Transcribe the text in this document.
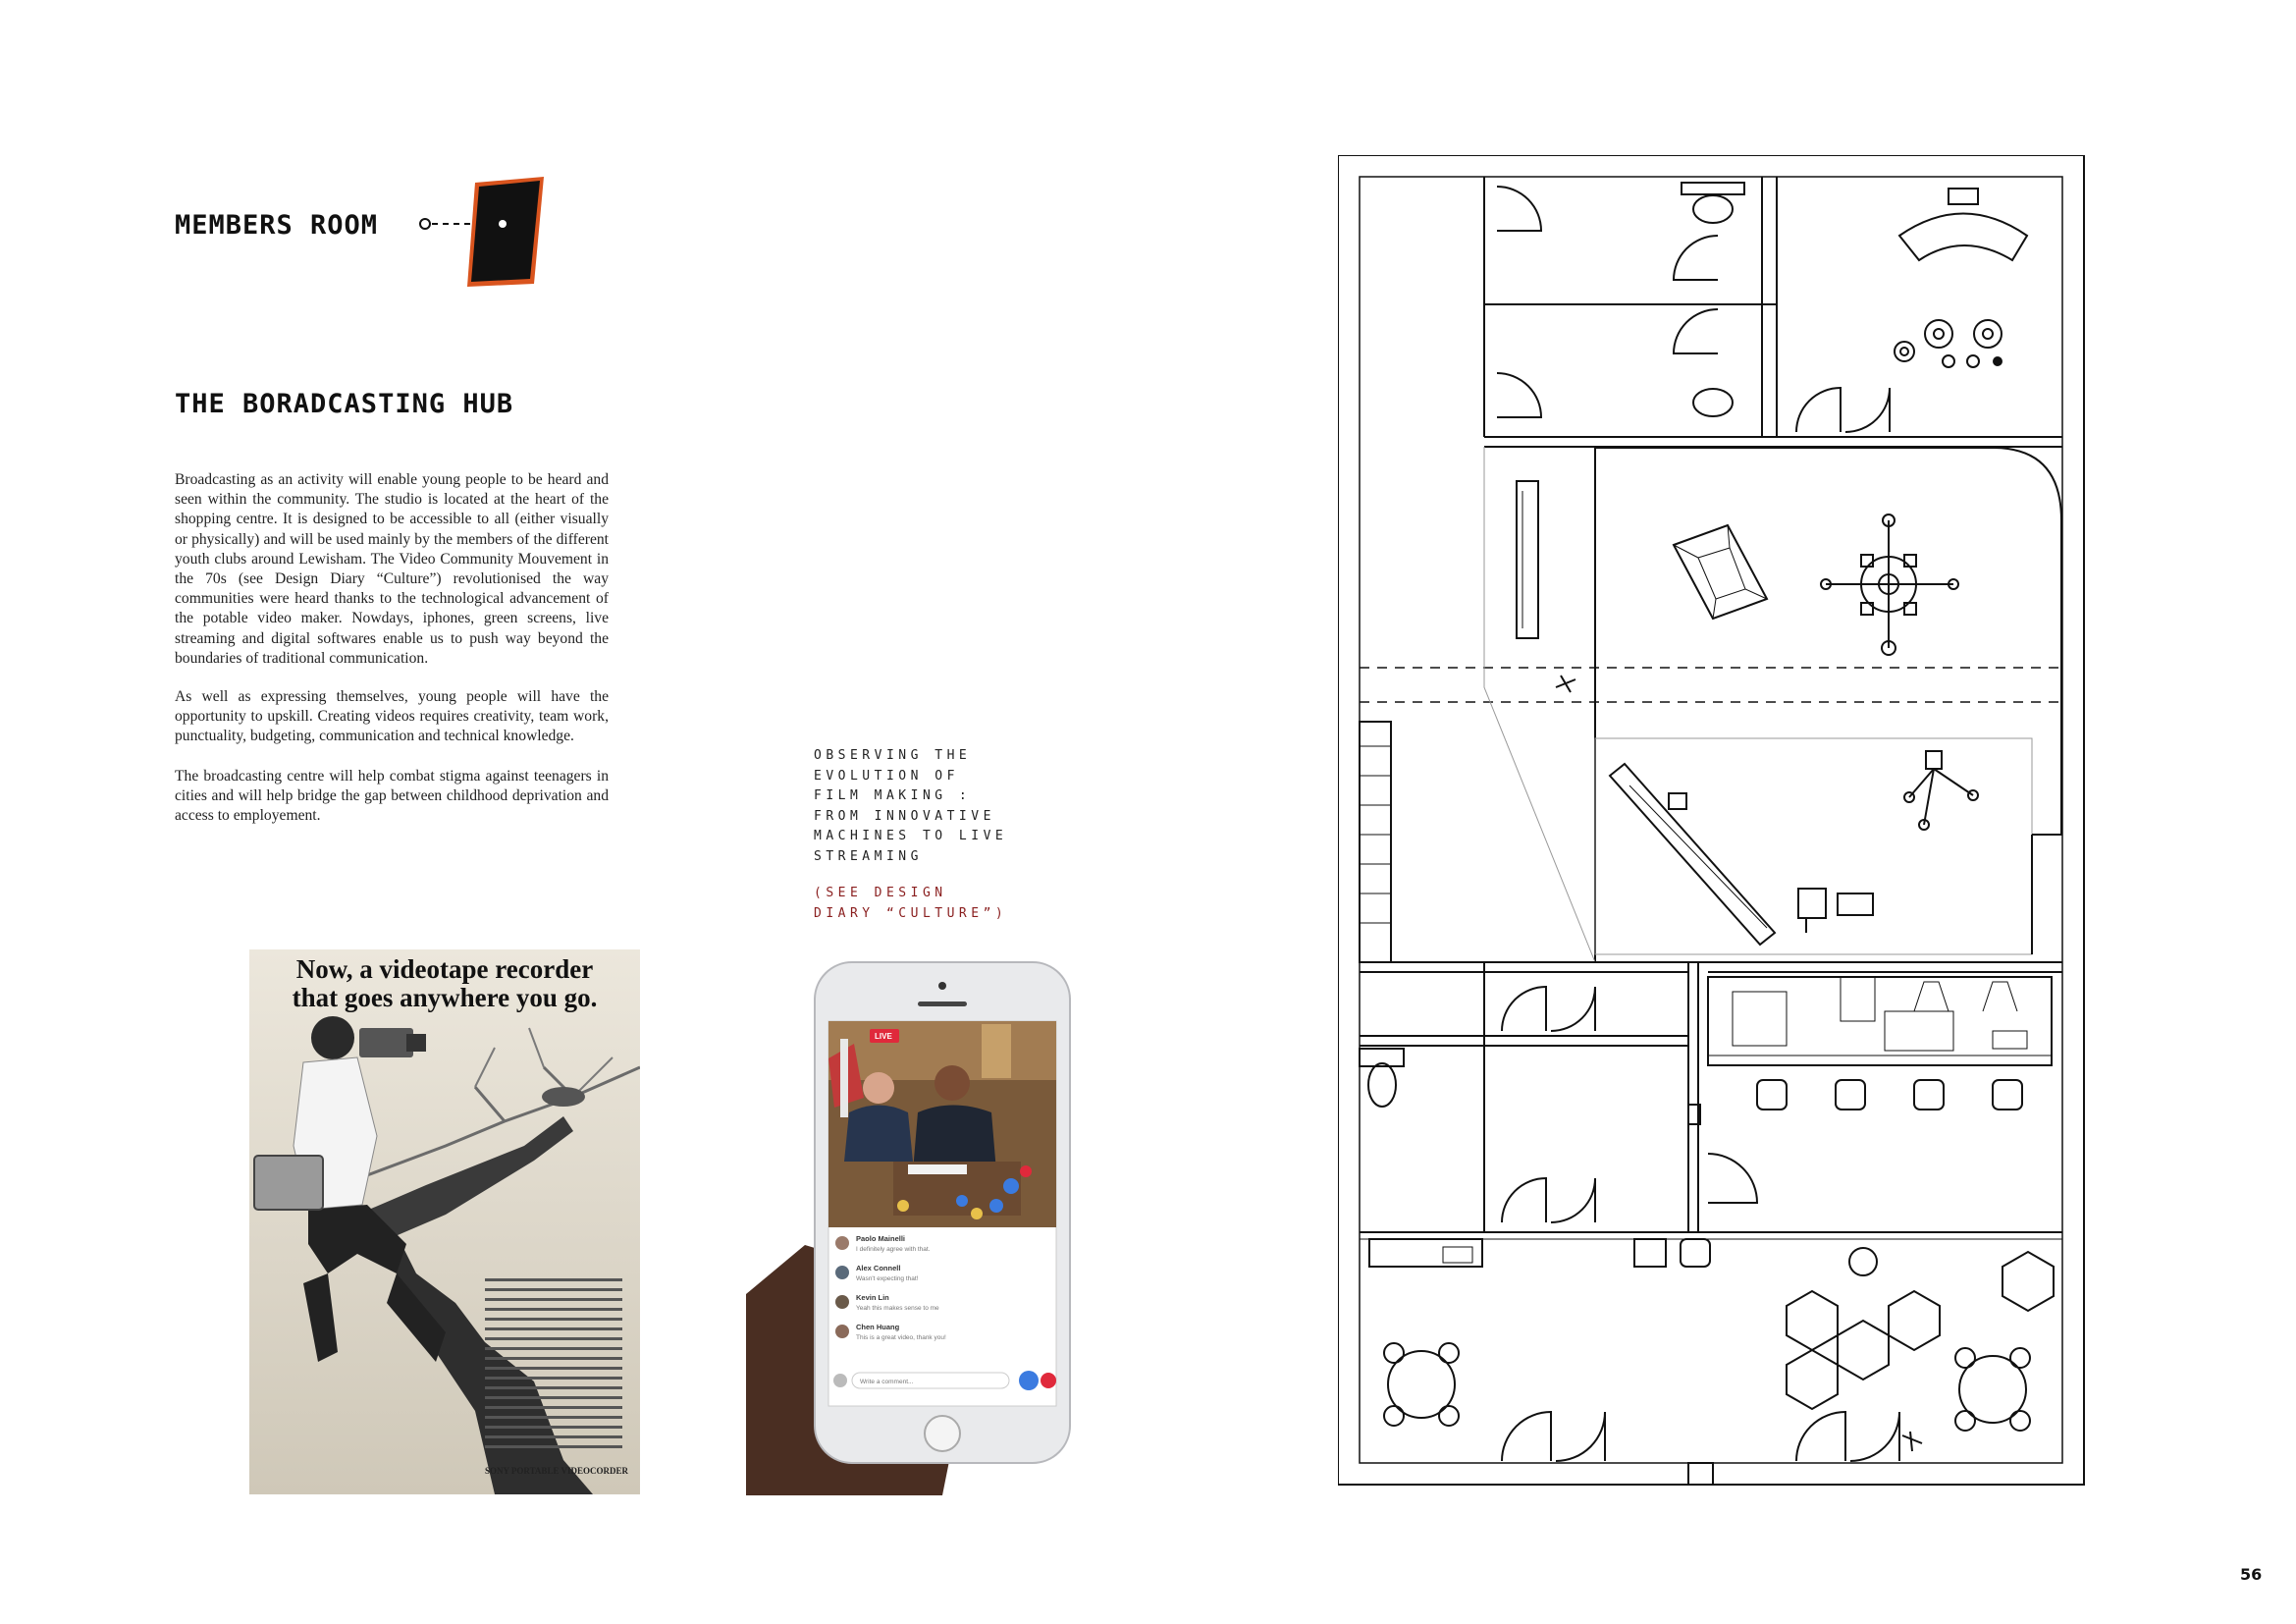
MEMBERS ROOM
THE BORADCASTING HUB
Broadcasting as an activity will enable young people to be heard and seen within the community. The studio is located at the heart of the shopping centre. It is designed to be accessible to all (either visually or physically) and will be used mainly by the members of the different youth clubs around Lewisham. The Video Community Mouvement in the 70s (see Design Diary “Culture”) revolutionised the way communities were heard thanks to the technological advancement of the potable video maker. Nowdays, iphones, green screens, live streaming and digital softwares enable us to push way beyond the boundaries of traditional communication.
As well as expressing themselves, young people will have the opportunity to upskill. Creating videos requires creativity, team work, punctuality, budgeting, communication and technical knowledge.
The broadcasting centre will help combat stigma against teenagers in cities and will help bridge the gap between childhood deprivation and access to employement.
OBSERVING THE EVOLUTION OF FILM MAKING : FROM INNOVATIVE MACHINES TO LIVE STREAMING
(SEE DESIGN DIARY “CULTURE”)
Now, a videotape recorder
that goes anywhere you go.
SONY PORTABLE VIDEOCORDER
LIVE
Paolo Mainelli
I definitely agree with that.
Alex Connell
Wasn't expecting that!
Kevin Lin
Yeah this makes sense to me
Chen Huang
This is a great video, thank you!
Write a comment...
56
